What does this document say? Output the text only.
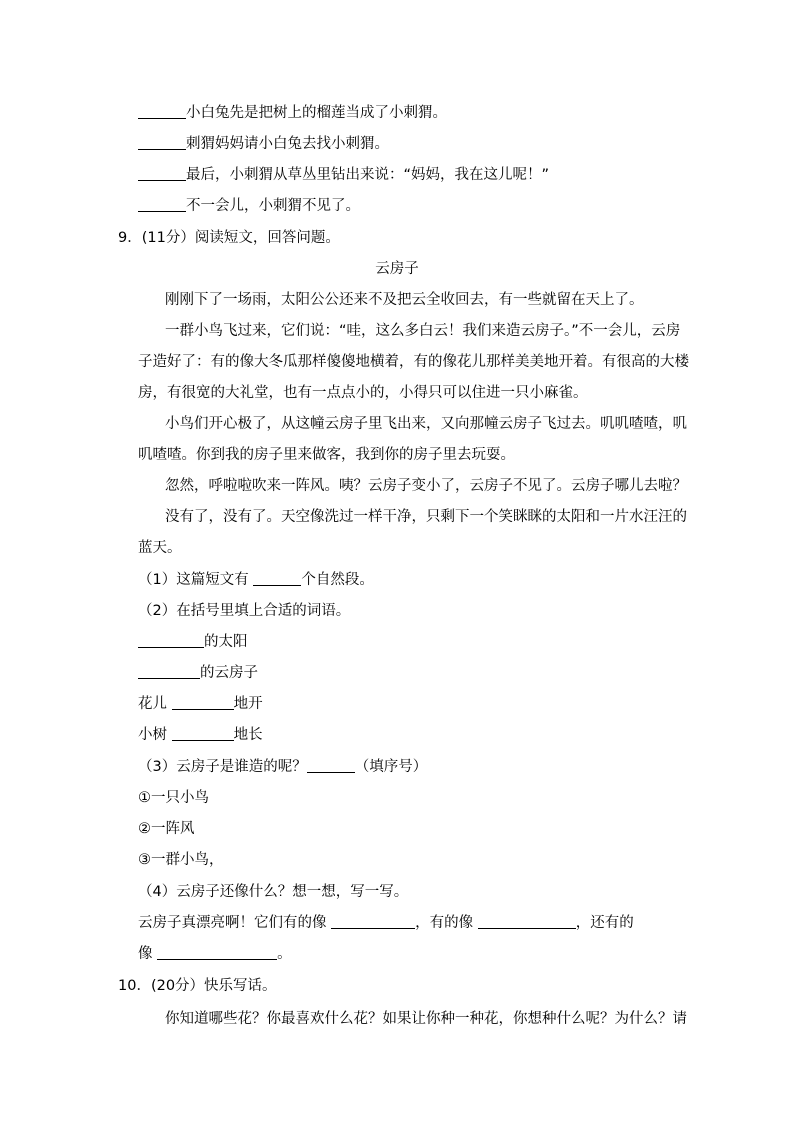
小白兔先是把树上的榴莲当成了小刺猬。
刺猬妈妈请小白兔去找小刺猬。
最后，小刺猬从草丛里钻出来说：“妈妈，我在这儿呢！”
不一会儿，小刺猬不见了。
9．(11分）阅读短文，回答问题。
云房子
刚刚下了一场雨，太阳公公还来不及把云全收回去，有一些就留在天上了。
一群小鸟飞过来，它们说：“哇，这么多白云！我们来造云房子。”不一会儿，云房
子造好了：有的像大冬瓜那样傻傻地横着，有的像花儿那样美美地开着。有很高的大楼
房，有很宽的大礼堂，也有一点点小的，小得只可以住进一只小麻雀。
小鸟们开心极了，从这幢云房子里飞出来，又向那幢云房子飞过去。叽叽喳喳，叽
叽喳喳。你到我的房子里来做客，我到你的房子里去玩耍。
忽然，呼啦啦吹来一阵风。咦？云房子变小了，云房子不见了。云房子哪儿去啦？
没有了，没有了。天空像洗过一样干净，只剩下一个笑眯眯的太阳和一片水汪汪的
蓝天。
（1）这篇短文有	个自然段。
（2）在括号里填上合适的词语。
的太阳
的云房子
花儿	地开
小树	地长
（3）云房子是谁造的呢？	（填序号）
①一只小鸟
②一阵风
③一群小鸟，
（4）云房子还像什么？想一想，写一写。
云房子真漂亮啊！它们有的像	，有的像	，还有的
像	。
10．(20分）快乐写话。
你知道哪些花？你最喜欢什么花？如果让你种一种花，你想种什么呢？为什么？请
